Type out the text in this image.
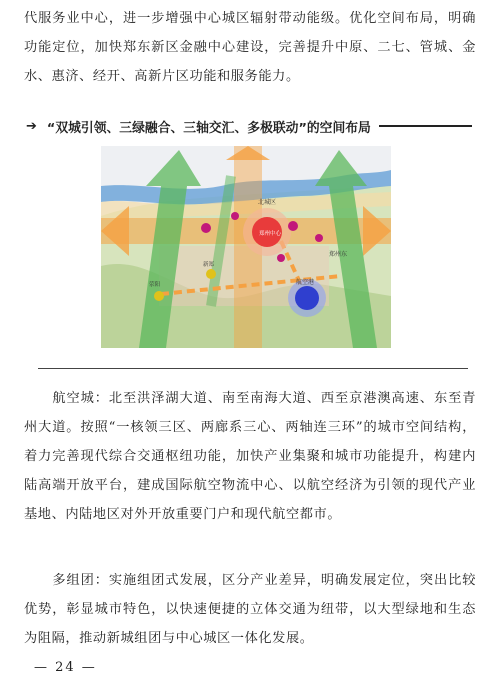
代服务业中心，进一步增强中心城区辐射带动能级。优化空间布局，明确功能定位，加快郑东新区金融中心建设，完善提升中原、二七、管城、金水、惠济、经开、高新片区功能和服务能力。

➔ “双城引领、三绿融合、三轴交汇、多极联动”的空间布局
北城区
郑州中心
郑州东
航空港
荥阳
新郑

航空城：北至洪泽湖大道、南至南海大道、西至京港澳高速、东至青州大道。按照“一核领三区、两廊系三心、两轴连三环”的城市空间结构，着力完善现代综合交通枢纽功能，加快产业集聚和城市功能提升，构建内陆高端开放平台，建成国际航空物流中心、以航空经济为引领的现代产业基地、内陆地区对外开放重要门户和现代航空都市。

多组团：实施组团式发展，区分产业差异，明确发展定位，突出比较优势，彰显城市特色，以快速便捷的立体交通为纽带，以大型绿地和生态为阻隔，推动新城组团与中心城区一体化发展。

— 24 —
